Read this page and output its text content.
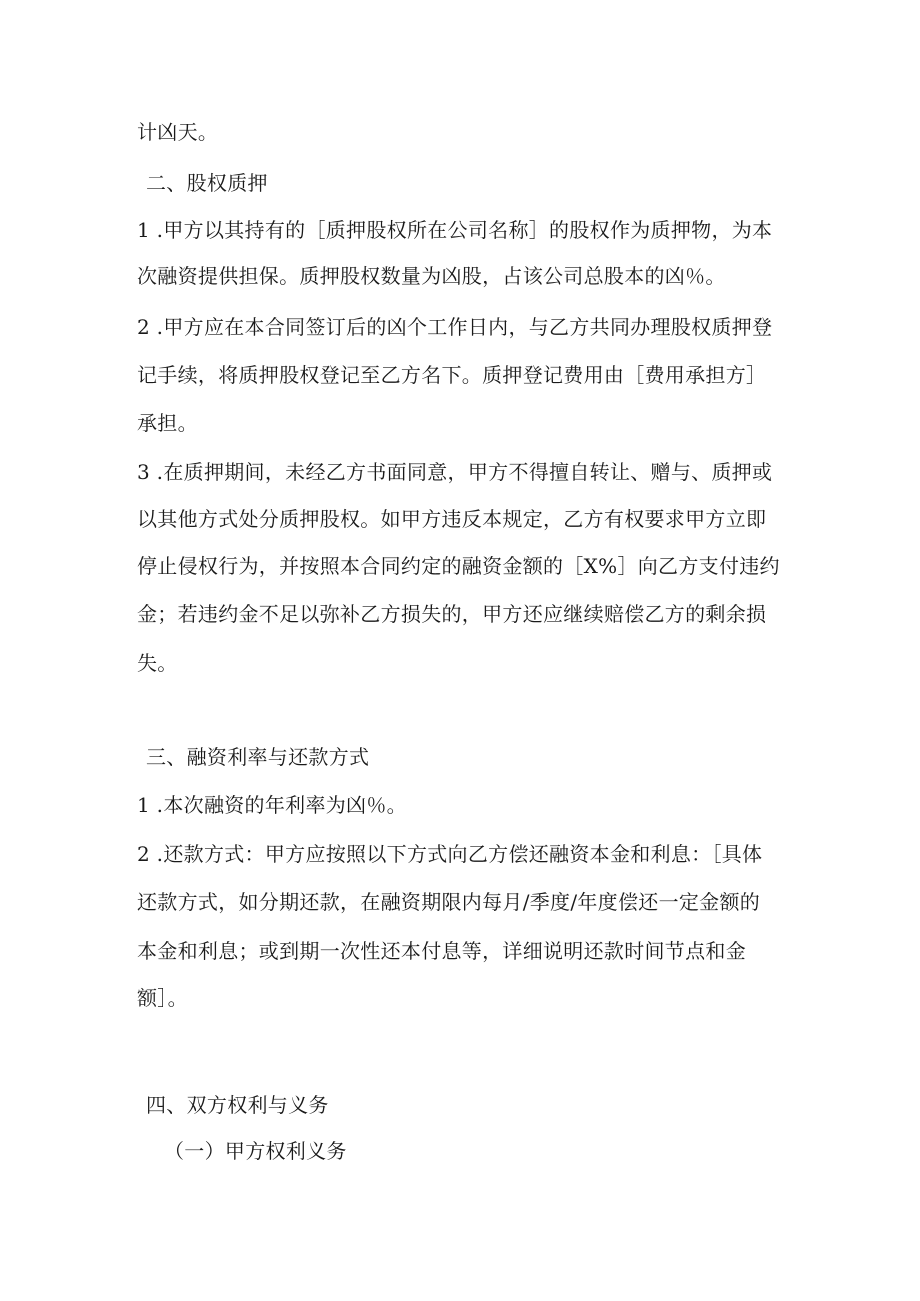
计凶天。

二、股权质押

1 .甲方以其持有的［质押股权所在公司名称］的股权作为质押物，为本

次融资提供担保。质押股权数量为凶股，占该公司总股本的凶％。

2 .甲方应在本合同签订后的凶个工作日内，与乙方共同办理股权质押登

记手续，将质押股权登记至乙方名下。质押登记费用由［费用承担方］

承担。

3 .在质押期间，未经乙方书面同意，甲方不得擅自转让、赠与、质押或

以其他方式处分质押股权。如甲方违反本规定，乙方有权要求甲方立即

停止侵权行为，并按照本合同约定的融资金额的［X%］向乙方支付违约

金；若违约金不足以弥补乙方损失的，甲方还应继续赔偿乙方的剩余损

失。

三、融资利率与还款方式

1 .本次融资的年利率为凶％。

2 .还款方式：甲方应按照以下方式向乙方偿还融资本金和利息：［具体

还款方式，如分期还款，在融资期限内每月/季度/年度偿还一定金额的

本金和利息；或到期一次性还本付息等，详细说明还款时间节点和金

额］。

四、双方权利与义务

（一）甲方权利义务
